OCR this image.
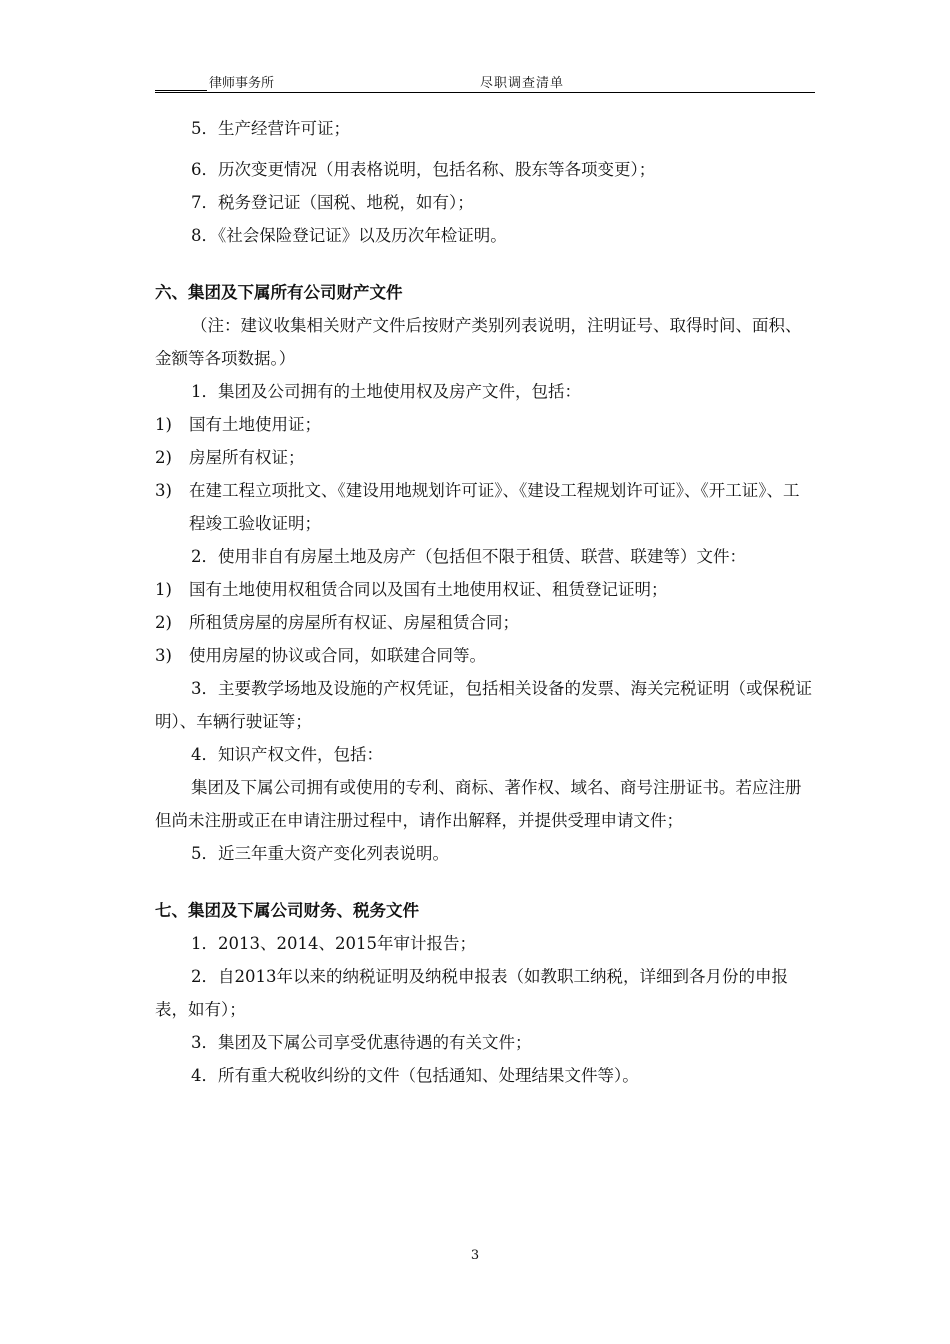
律师事务所	尽职调查清单

5．生产经营许可证；

6．历次变更情况（用表格说明，包括名称、股东等各项变更）；

7．税务登记证（国税、地税，如有）；

8．《社会保险登记证》以及历次年检证明。

六、集团及下属所有公司财产文件

（注：建议收集相关财产文件后按财产类别列表说明，注明证号、取得时间、面积、金额等各项数据。）

1．集团及公司拥有的土地使用权及房产文件，包括：

1)	国有土地使用证；
2)	房屋所有权证；
3)	在建工程立项批文、《建设用地规划许可证》、《建设工程规划许可证》、《开工证》、工程竣工验收证明；

2．使用非自有房屋土地及房产（包括但不限于租赁、联营、联建等）文件：

1)	国有土地使用权租赁合同以及国有土地使用权证、租赁登记证明；
2)	所租赁房屋的房屋所有权证、房屋租赁合同；
3)	使用房屋的协议或合同，如联建合同等。

3．主要教学场地及设施的产权凭证，包括相关设备的发票、海关完税证明（或保税证明）、车辆行驶证等；

4．知识产权文件，包括：

集团及下属公司拥有或使用的专利、商标、著作权、域名、商号注册证书。若应注册但尚未注册或正在申请注册过程中，请作出解释，并提供受理申请文件；

5．近三年重大资产变化列表说明。

七、集团及下属公司财务、税务文件

1．2013、2014、2015年审计报告；

2．自2013年以来的纳税证明及纳税申报表（如教职工纳税，详细到各月份的申报表，如有）；

3．集团及下属公司享受优惠待遇的有关文件；

4．所有重大税收纠纷的文件（包括通知、处理结果文件等）。

3
